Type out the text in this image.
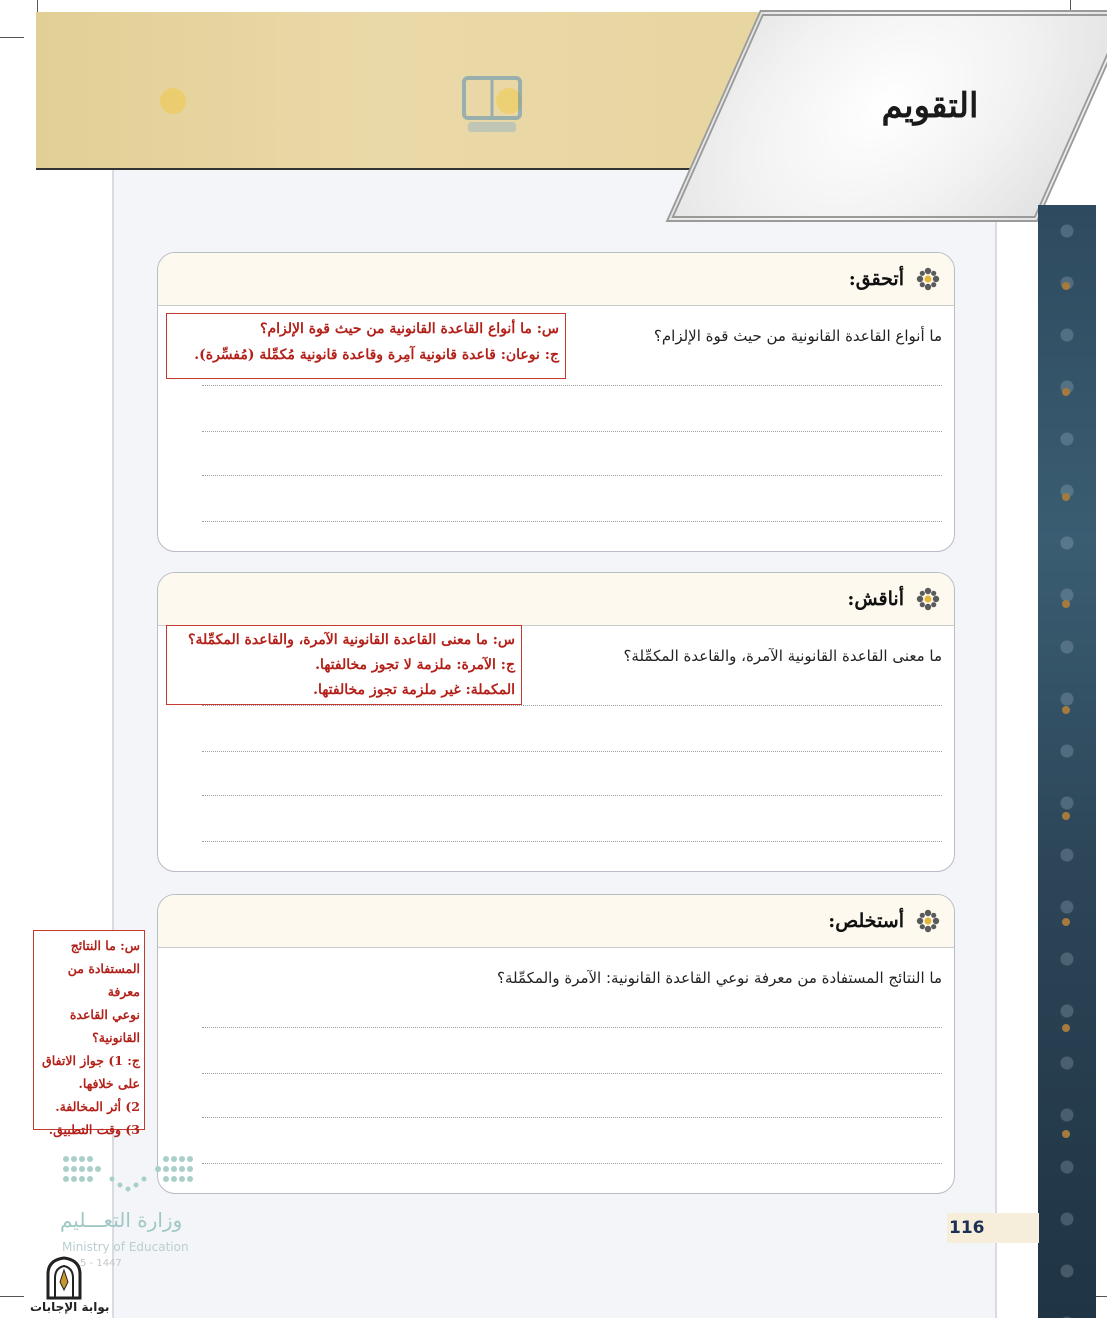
التقويم
أتحقق:
ما أنواع القاعدة القانونية من حيث قوة الإلزام؟
س: ما أنواع القاعدة القانونية من حيث قوة الإلزام؟
ج: نوعان: قاعدة قانونية آمِرة وقاعدة قانونية مُكمِّلة (مُفسِّرة).
أناقش:
ما معنى القاعدة القانونية الآمرة، والقاعدة المكمِّلة؟
س: ما معنى القاعدة القانونية الآمرة، والقاعدة المكمِّلة؟
ج: الآمرة: ملزمة لا تجوز مخالفتها.
المكملة: غير ملزمة تجوز مخالفتها.
أستخلص:
ما النتائج المستفادة من معرفة نوعي القاعدة القانونية: الآمرة والمكمِّلة؟
س: ما النتائج
المستفادة من معرفة
نوعي القاعدة
القانونية؟
ج: 1) جواز الاتفاق
على خلافها.
2) أثر المخالفة.
3) وقت التطبيق.
وزارة التعـــليم
Ministry of Education
5 - 1447
بوابة الإجابات
116
